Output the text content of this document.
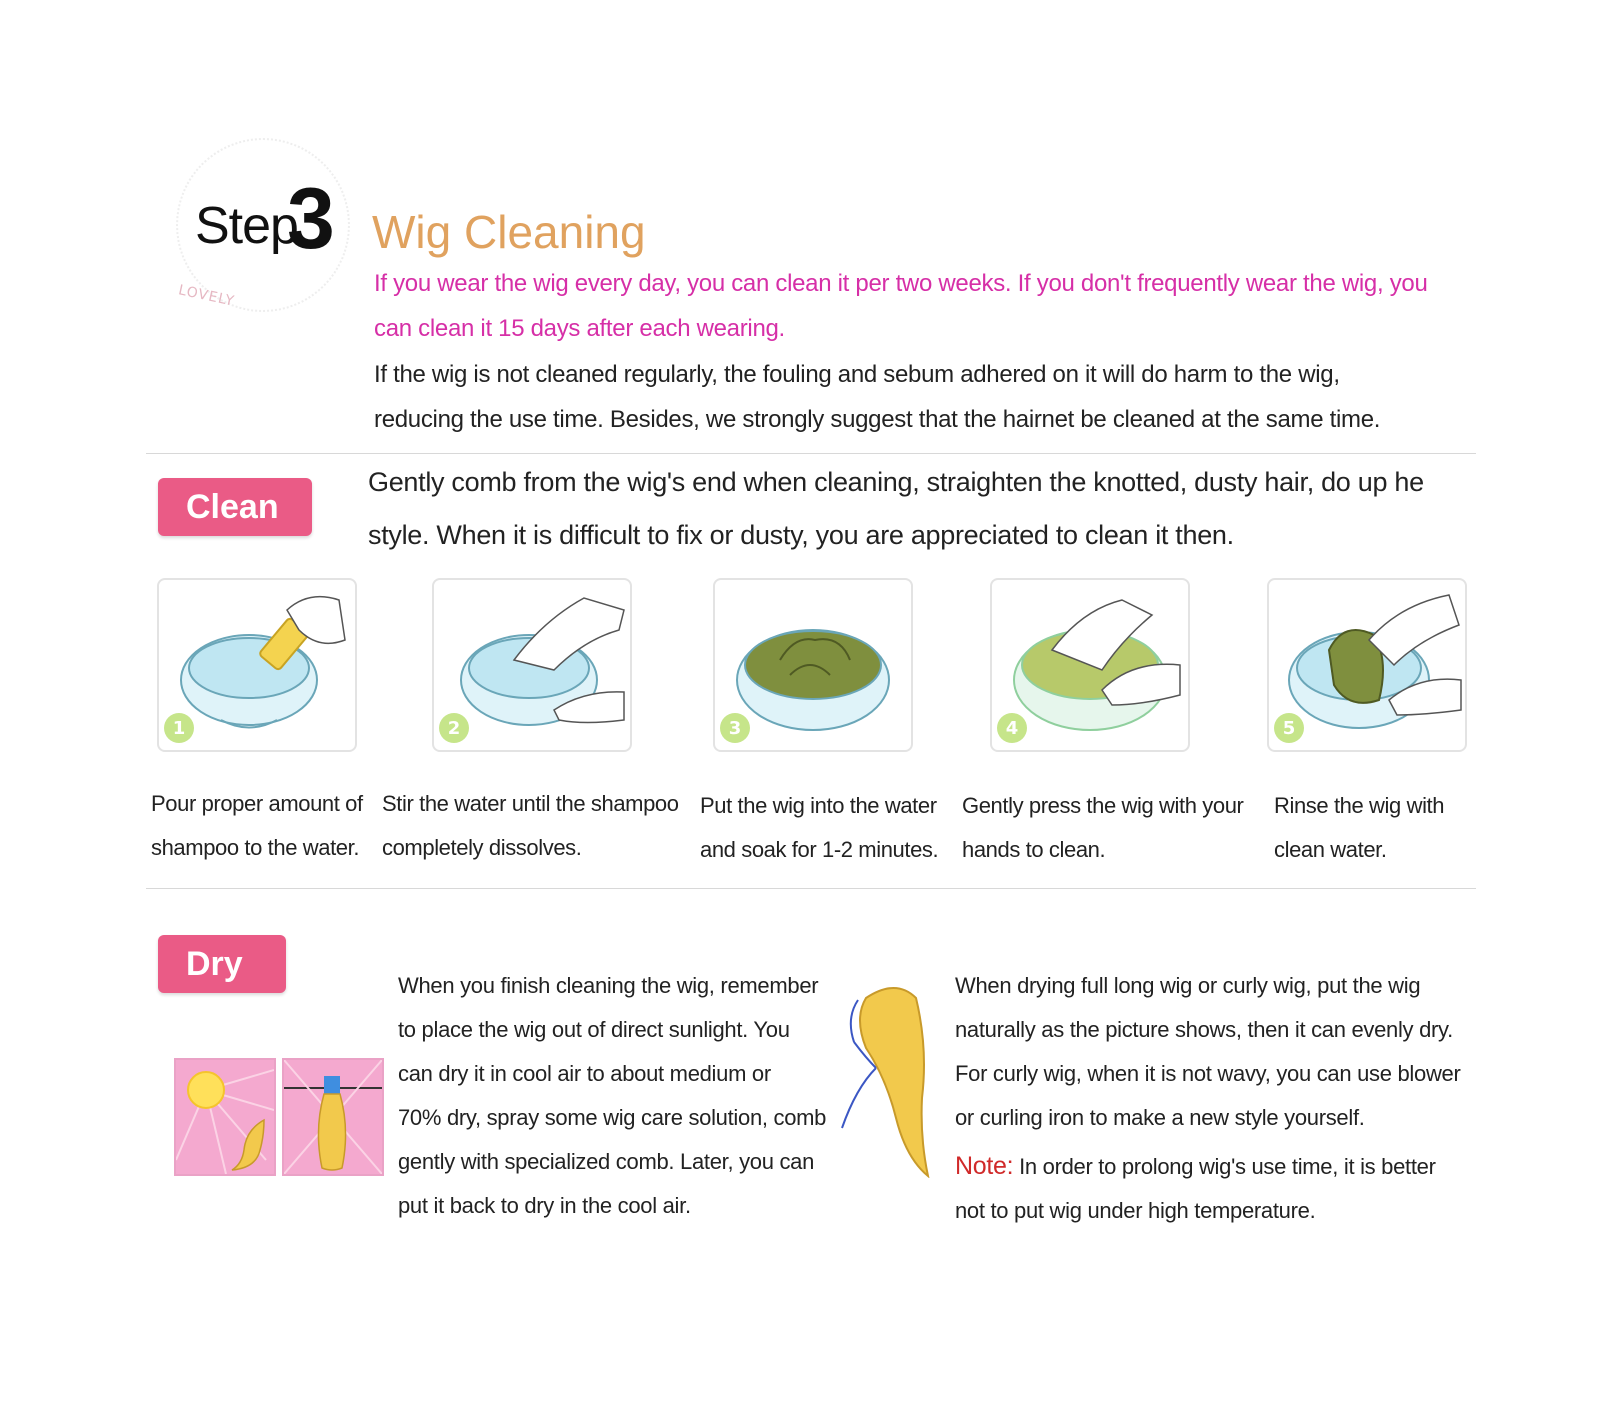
LOVELY
Step
3 Wig Cleaning
If you wear the wig every day, you can clean it per two weeks. If you don't frequently wear the wig, you
can clean it 15 days after each wearing.
If the wig is not cleaned regularly, the fouling and sebum adhered on it will do harm to the wig,
reducing the use time. Besides, we strongly suggest that the hairnet be cleaned at the same time.
Clean
Gently comb from the wig's end when cleaning, straighten the knotted, dusty hair, do up he
style. When it is difficult to fix or dusty, you are appreciated to clean it then.
1	2	3	4	5
Pour proper amount of
shampoo to the water.
Stir the water until the shampoo
completely dissolves.
Put the wig into the water
and soak for 1-2 minutes.
Gently press the wig with your
hands to clean.
Rinse the wig with
clean water.
Dry
When you finish cleaning the wig, remember
to place the wig out of direct sunlight. You
can dry it in cool air to about medium or
70% dry, spray some wig care solution, comb
gently with specialized comb. Later, you can
put it back to dry in the cool air.
When drying full long wig or curly wig, put the wig
naturally as the picture shows, then it can evenly dry.
For curly wig, when it is not wavy, you can use blower
or curling iron to make a new style yourself.
Note: In order to prolong wig's use time, it is better
not to put wig under high temperature.
